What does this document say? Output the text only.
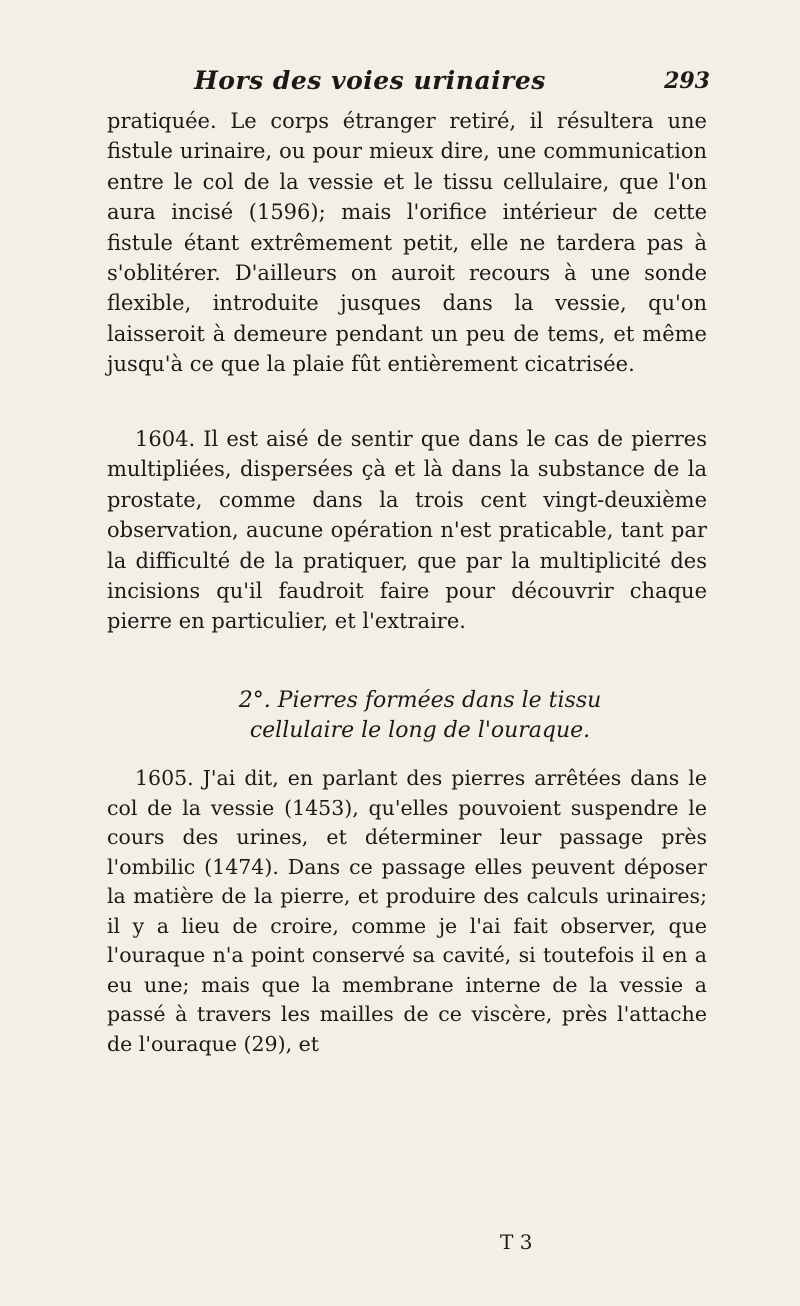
Hors des voies urinaires	293
pratiquée. Le corps étranger retiré, il résultera une fistule urinaire, ou pour mieux dire, une communication entre le col de la vessie et le tissu cellulaire, que l'on aura incisé (1596); mais l'orifice intérieur de cette fistule étant extrêmement petit, elle ne tardera pas à s'oblitérer. D'ailleurs on auroit recours à une sonde flexible, introduite jusques dans la vessie, qu'on laisseroit à demeure pendant un peu de tems, et même jusqu'à ce que la plaie fût entièrement cicatrisée.
1604. Il est aisé de sentir que dans le cas de pierres multipliées, dispersées çà et là dans la substance de la prostate, comme dans la trois cent vingt-deuxième observation, aucune opération n'est praticable, tant par la difficulté de la pratiquer, que par la multiplicité des incisions qu'il faudroit faire pour découvrir chaque pierre en particulier, et l'extraire.
2°. Pierres formées dans le tissu cellulaire le long de l'ouraque.
1605. J'ai dit, en parlant des pierres arrêtées dans le col de la vessie (1453), qu'elles pouvoient suspendre le cours des urines, et déterminer leur passage près l'ombilic (1474). Dans ce passage elles peuvent déposer la matière de la pierre, et produire des calculs urinaires; il y a lieu de croire, comme je l'ai fait observer, que l'ouraque n'a point conservé sa cavité, si toutefois il en a eu une; mais que la membrane interne de la vessie a passé à travers les mailles de ce viscère, près l'attache de l'ouraque (29), et
T 3
